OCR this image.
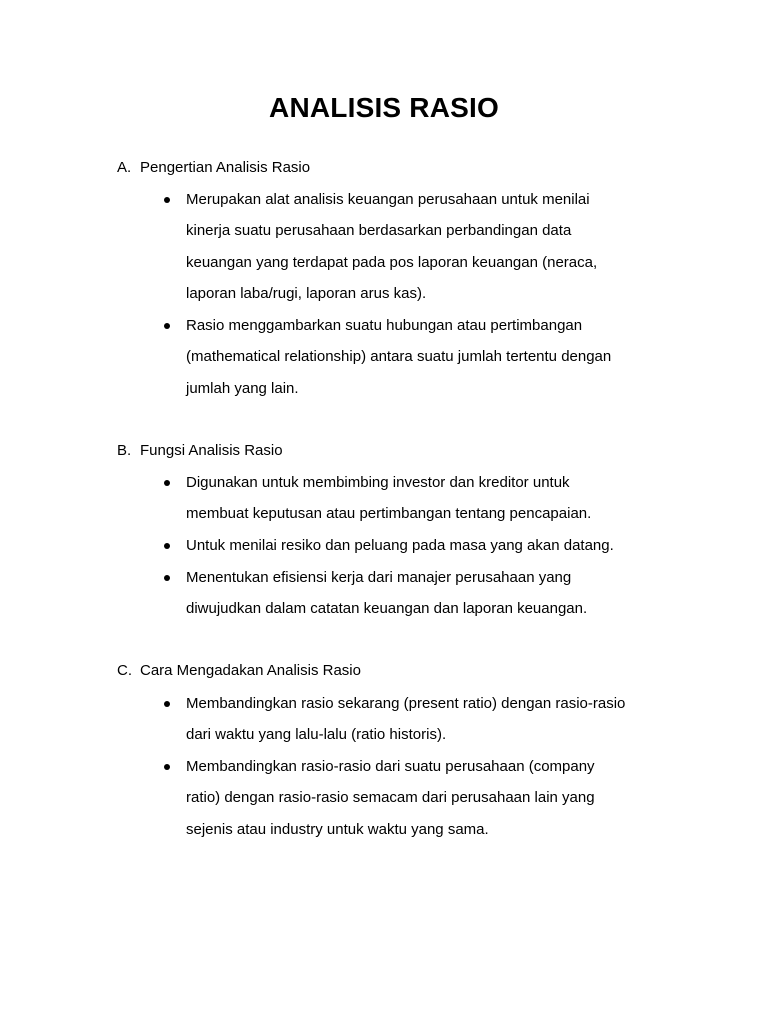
ANALISIS RASIO
A. Pengertian Analisis Rasio
Merupakan alat analisis keuangan perusahaan untuk menilai
kinerja suatu perusahaan berdasarkan perbandingan data
keuangan yang terdapat pada pos laporan keuangan (neraca,
laporan laba/rugi, laporan arus kas).
Rasio menggambarkan suatu hubungan atau pertimbangan
(mathematical relationship) antara suatu jumlah tertentu dengan
jumlah yang lain.
B. Fungsi Analisis Rasio
Digunakan untuk membimbing investor dan kreditor untuk
membuat keputusan atau pertimbangan tentang pencapaian.
Untuk menilai resiko dan peluang pada masa yang akan datang.
Menentukan efisiensi kerja dari manajer perusahaan yang
diwujudkan dalam catatan keuangan dan laporan keuangan.
C. Cara Mengadakan Analisis Rasio
Membandingkan rasio sekarang (present ratio) dengan rasio-rasio
dari waktu yang lalu-lalu (ratio historis).
Membandingkan rasio-rasio dari suatu perusahaan (company
ratio) dengan rasio-rasio semacam dari perusahaan lain yang
sejenis atau industry untuk waktu yang sama.
